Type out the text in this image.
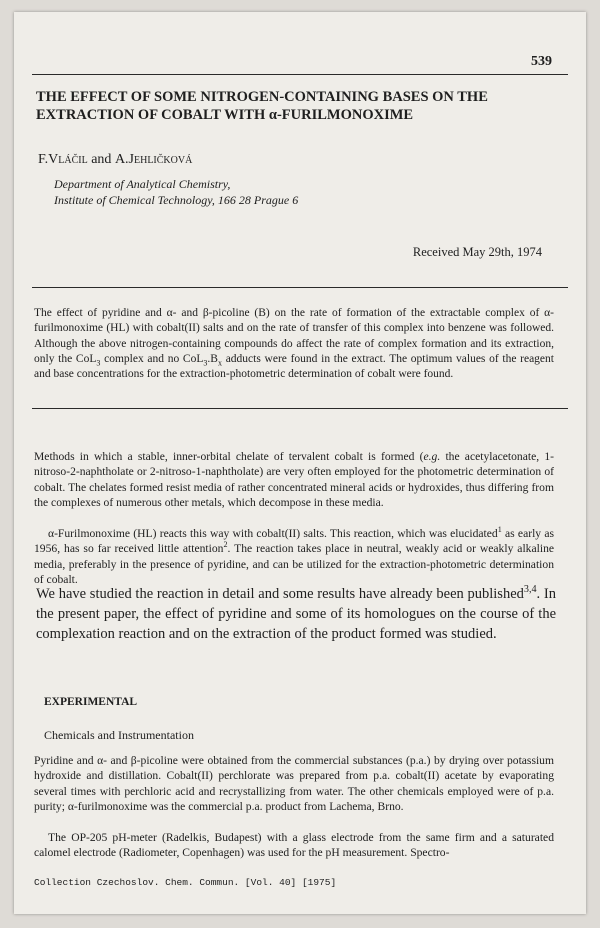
539
THE EFFECT OF SOME NITROGEN-CONTAINING BASES ON THE EXTRACTION OF COBALT WITH α-FURILMONOXIME
F.Vláčil and A.Jehličková
Department of Analytical Chemistry,
Institute of Chemical Technology, 166 28 Prague 6
Received May 29th, 1974
The effect of pyridine and α- and β-picoline (B) on the rate of formation of the extractable complex of α-furilmonoxime (HL) with cobalt(II) salts and on the rate of transfer of this complex into benzene was followed. Although the above nitrogen-containing compounds do affect the rate of complex formation and its extraction, only the CoL$_3$ complex and no $CoL_3.B_x$ adducts were found in the extract. The optimum values of the reagent and base concentrations for the extraction-photometric determination of cobalt were found.
Methods in which a stable, inner-orbital chelate of tervalent cobalt is formed (e.g. the acetylacetonate, 1-nitroso-2-naphtholate or 2-nitroso-1-naphtholate) are very often employed for the photometric determination of cobalt. The chelates formed resist media of rather concentrated mineral acids or hydroxides, thus differing from the complexes of numerous other metals, which decompose in these media.
α-Furilmonoxime (HL) reacts this way with cobalt(II) salts. This reaction, which was elucidated$^1$ as early as 1956, has so far received little attention$^2$. The reaction takes place in neutral, weakly acid or weakly alkaline media, preferably in the presence of pyridine, and can be utilized for the extraction-photometric determination of cobalt.
We have studied the reaction in detail and some results have already been published$^{3,4}$. In the present paper, the effect of pyridine and some of its homologues on the course of the complexation reaction and on the extraction of the product formed was studied.
EXPERIMENTAL
Chemicals and Instrumentation
Pyridine and α- and β-picoline were obtained from the commercial substances (p.a.) by drying over potassium hydroxide and distillation. Cobalt(II) perchlorate was prepared from p.a. cobalt(II) acetate by evaporating several times with perchloric acid and recrystallizing from water. The other chemicals employed were of p.a. purity; α-furilmonoxime was the commercial p.a. product from Lachema, Brno.
The OP-205 pH-meter (Radelkis, Budapest) with a glass electrode from the same firm and a saturated calomel electrode (Radiometer, Copenhagen) was used for the pH measurement. Spectro-
Collection Czechoslov. Chem. Commun. [Vol. 40] [1975]
